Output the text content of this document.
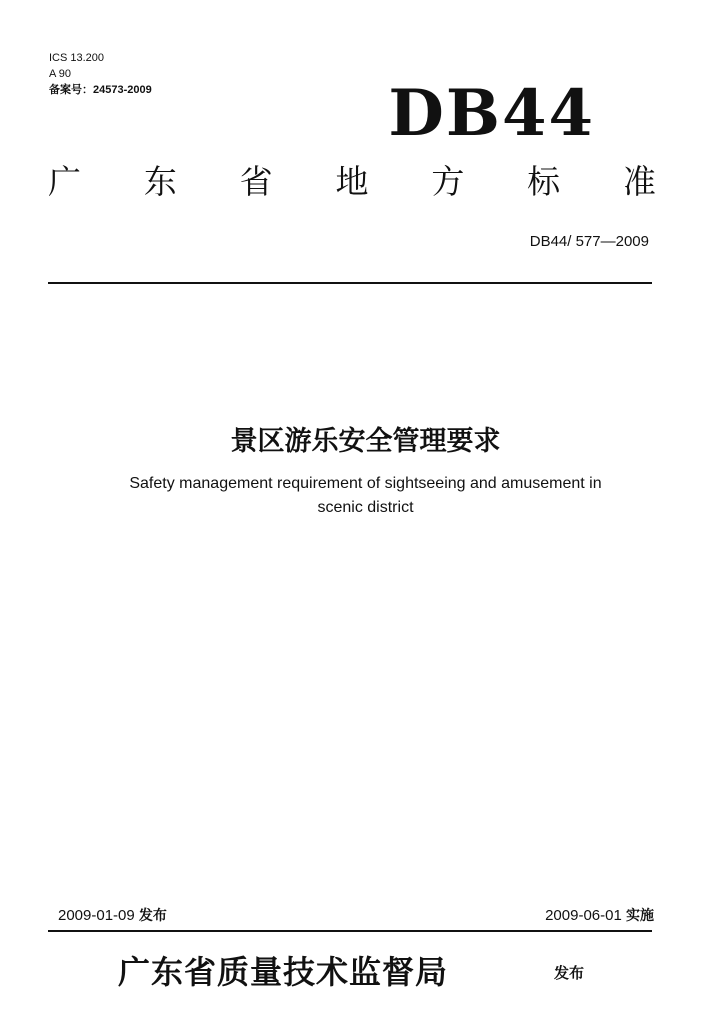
ICS 13.200
A 90
备案号：24573-2009	DB44
广 东 省 地 方 标 准
DB44/ 577—2009
景区游乐安全管理要求
Safety management requirement of sightseeing and amusement in
scenic district
2009-01-09 发布	2009-06-01 实施
广东省质量技术监督局	发布
